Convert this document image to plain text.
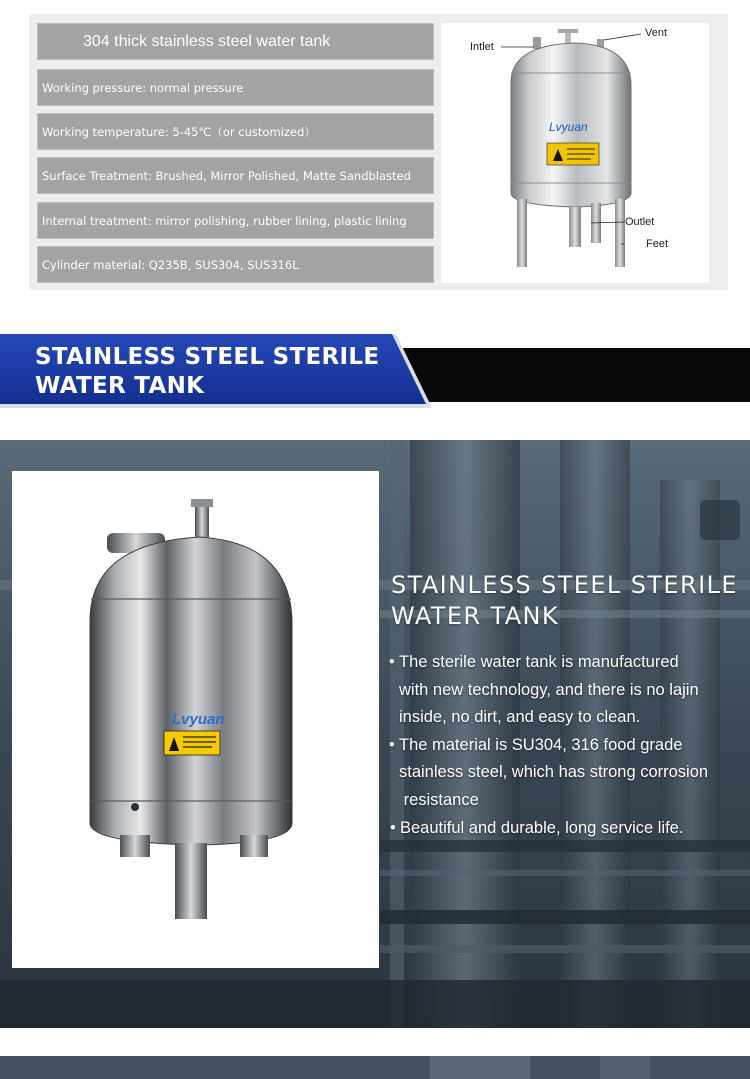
304 thick stainless steel water tank
Working pressure: normal pressure
Working temperature: 5-45℃（or customized）
Surface Treatment: Brushed, Mirror Polished, Matte Sandblasted
Internal treatment: mirror polishing, rubber lining, plastic lining
Cylinder material: Q235B, SUS304, SUS316L
Lvyuan
Vent
Intlet
Outlet
Feet
STAINLESS STEEL STERILE
WATER TANK
Lvyuan
STAINLESS STEEL STERILE
WATER TANK
• The sterile water tank is manufactured
with new technology, and there is no lajin
inside, no dirt, and easy to clean.
• The material is SU304, 316 food grade
stainless steel, which has strong corrosion
resistance
• Beautiful and durable, long service life.
